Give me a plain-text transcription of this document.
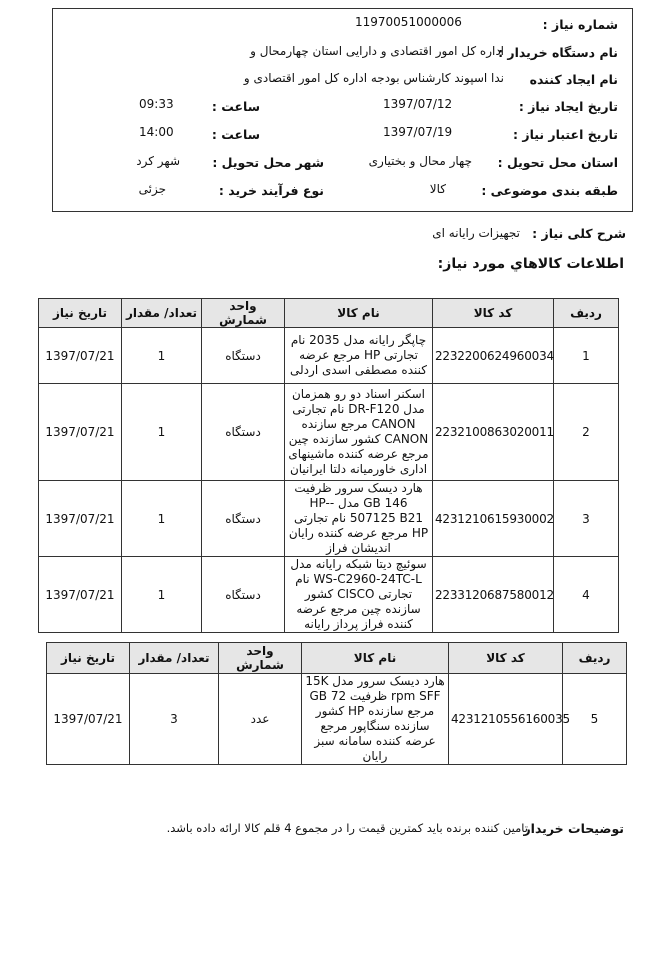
شماره نیاز :
11970051000006
نام دستگاه خریدار :
اداره کل امور اقتصادی و دارایی استان چهارمحال و
نام ایجاد کننده
ندا اسپوند کارشناس بودجه اداره کل امور اقتصادی و
تاریخ ایجاد نیاز :
1397/07/12
ساعت :
09:33
تاریخ اعتبار نیاز :
1397/07/19
ساعت :
14:00
استان محل تحویل :
چهار محال و بختیاری
شهر محل تحویل :
شهر کرد
طبقه بندی موضوعی :
کالا
نوع فرآیند خرید :
جزئی
شرح کلی نیاز :
تجهیزات رایانه ای
اطلاعات کالاهاي مورد نیاز:
ردیف	کد کالا	نام کالا	واحد شمارش	تعداد/ مقدار	تاریخ نیاز
1	2232200624960034	چاپگر رایانه مدل 2035 نام تجارتی HP مرجع عرضه کننده مصطفی اسدی اردلی	دستگاه	1	1397/07/21
2	2232100863020011	اسکنر اسناد دو رو همزمان مدل DR-F120 نام تجارتی CANON مرجع سازنده CANON کشور سازنده چین مرجع عرضه کننده ماشینهای اداری خاورمیانه دلتا ایرانیان	دستگاه	1	1397/07/21
3	4231210615930002	هارد دیسک سرور ظرفیت 146 GB مدل -HP-507125 B21 نام تجارتی HP مرجع عرضه کننده رایان اندیشان فراز	دستگاه	1	1397/07/21
4	2233120687580012	سوئیچ دیتا شبکه رایانه مدل WS-C2960-24TC-L نام تجارتی CISCO کشور سازنده چین مرجع عرضه کننده فراز پرداز رایانه	دستگاه	1	1397/07/21
ردیف	کد کالا	نام کالا	واحد شمارش	تعداد/ مقدار	تاریخ نیاز
5	4231210556160035	هارد دیسک سرور مدل 15K rpm SFF ظرفیت 72 GB مرجع سازنده HP کشور سازنده سنگاپور مرجع عرضه کننده سامانه سبز رایان	عدد	3	1397/07/21
توضیحات خریدار
تامین کننده برنده باید کمترین قیمت را در مجموع 4 قلم کالا ارائه داده باشد.
